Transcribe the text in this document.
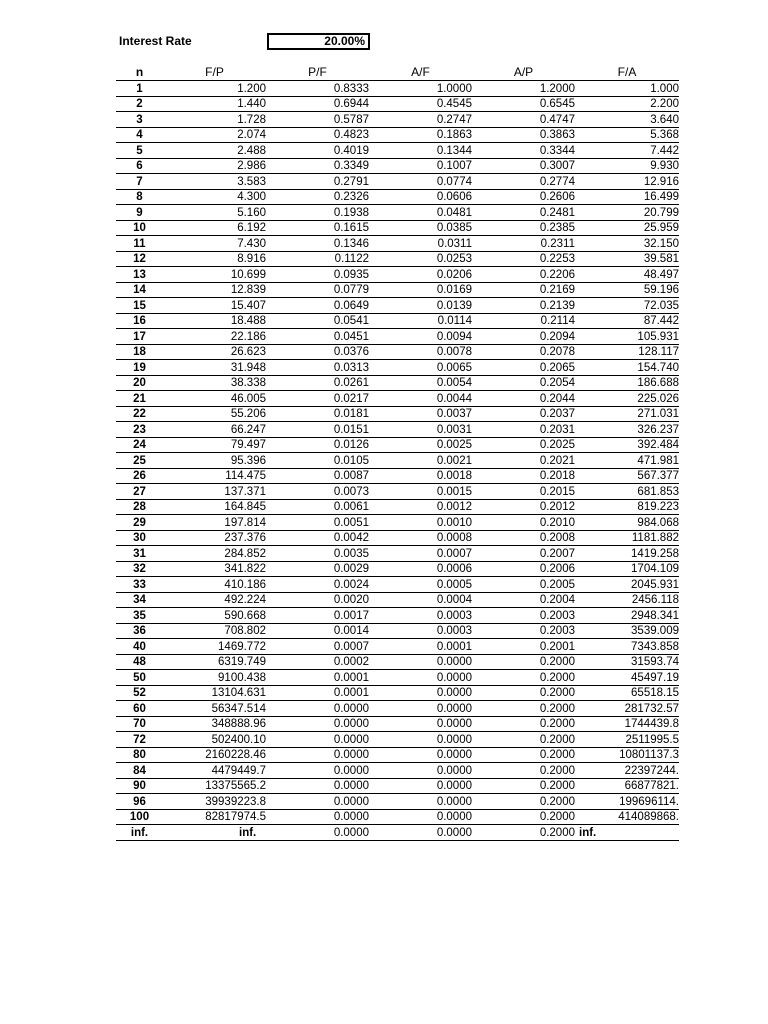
Interest Rate	20.00%
n	F/P	P/F	A/F	A/P	F/A
1	1.200	0.8333	1.0000	1.2000	1.000
2	1.440	0.6944	0.4545	0.6545	2.200
3	1.728	0.5787	0.2747	0.4747	3.640
4	2.074	0.4823	0.1863	0.3863	5.368
5	2.488	0.4019	0.1344	0.3344	7.442
6	2.986	0.3349	0.1007	0.3007	9.930
7	3.583	0.2791	0.0774	0.2774	12.916
8	4.300	0.2326	0.0606	0.2606	16.499
9	5.160	0.1938	0.0481	0.2481	20.799
10	6.192	0.1615	0.0385	0.2385	25.959
11	7.430	0.1346	0.0311	0.2311	32.150
12	8.916	0.1122	0.0253	0.2253	39.581
13	10.699	0.0935	0.0206	0.2206	48.497
14	12.839	0.0779	0.0169	0.2169	59.196
15	15.407	0.0649	0.0139	0.2139	72.035
16	18.488	0.0541	0.0114	0.2114	87.442
17	22.186	0.0451	0.0094	0.2094	105.931
18	26.623	0.0376	0.0078	0.2078	128.117
19	31.948	0.0313	0.0065	0.2065	154.740
20	38.338	0.0261	0.0054	0.2054	186.688
21	46.005	0.0217	0.0044	0.2044	225.026
22	55.206	0.0181	0.0037	0.2037	271.031
23	66.247	0.0151	0.0031	0.2031	326.237
24	79.497	0.0126	0.0025	0.2025	392.484
25	95.396	0.0105	0.0021	0.2021	471.981
26	114.475	0.0087	0.0018	0.2018	567.377
27	137.371	0.0073	0.0015	0.2015	681.853
28	164.845	0.0061	0.0012	0.2012	819.223
29	197.814	0.0051	0.0010	0.2010	984.068
30	237.376	0.0042	0.0008	0.2008	1181.882
31	284.852	0.0035	0.0007	0.2007	1419.258
32	341.822	0.0029	0.0006	0.2006	1704.109
33	410.186	0.0024	0.0005	0.2005	2045.931
34	492.224	0.0020	0.0004	0.2004	2456.118
35	590.668	0.0017	0.0003	0.2003	2948.341
36	708.802	0.0014	0.0003	0.2003	3539.009
40	1469.772	0.0007	0.0001	0.2001	7343.858
48	6319.749	0.0002	0.0000	0.2000	31593.74
50	9100.438	0.0001	0.0000	0.2000	45497.19
52	13104.631	0.0001	0.0000	0.2000	65518.15
60	56347.514	0.0000	0.0000	0.2000	281732.57
70	348888.96	0.0000	0.0000	0.2000	1744439.8
72	502400.10	0.0000	0.0000	0.2000	2511995.5
80	2160228.46	0.0000	0.0000	0.2000	10801137.3
84	4479449.7	0.0000	0.0000	0.2000	22397244.
90	13375565.2	0.0000	0.0000	0.2000	66877821.
96	39939223.8	0.0000	0.0000	0.2000	199696114.
100	82817974.5	0.0000	0.0000	0.2000	414089868.
inf.	inf.	0.0000	0.0000	0.2000	inf.
